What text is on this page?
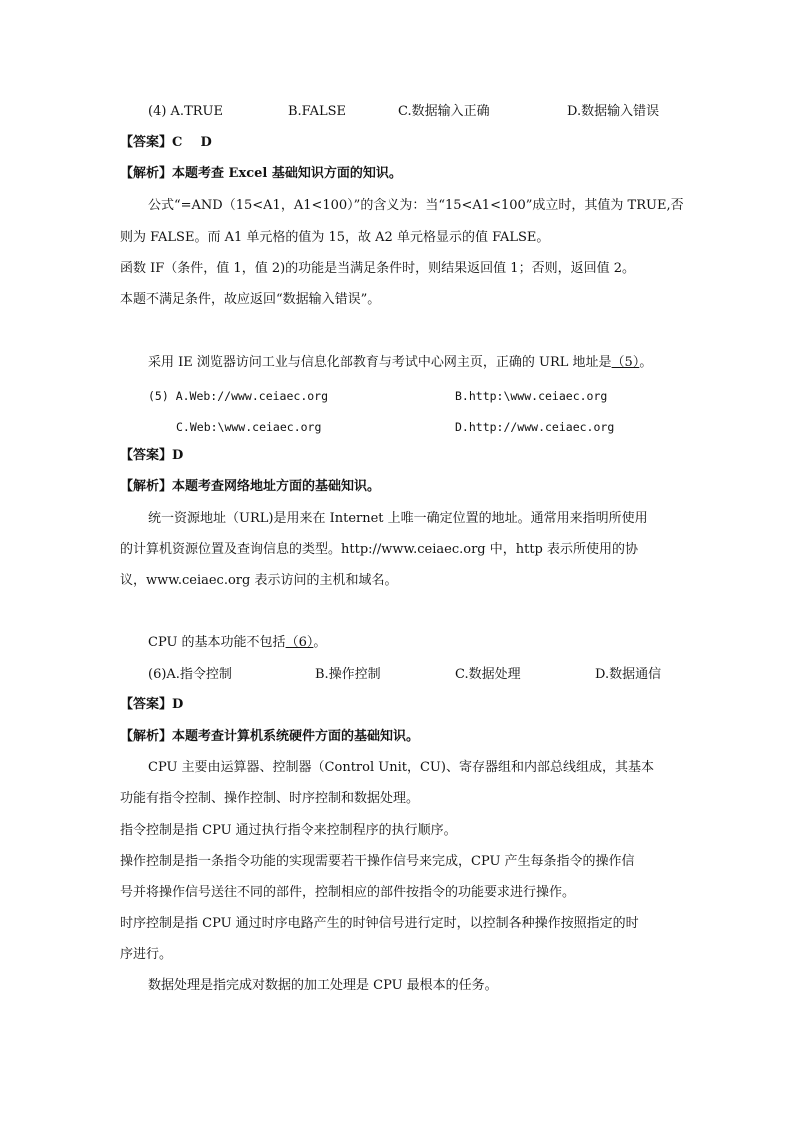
(4) A.TRUE	B.FALSE	C.数据输入正确	D.数据输入错误
【答案】C    D
【解析】本题考查 Excel 基础知识方面的知识。
公式“=AND（15<A1，A1<100）”的含义为：当“15<A1<100”成立时，其值为 TRUE,否
则为 FALSE。而 A1 单元格的值为 15，故 A2 单元格显示的值 FALSE。
函数 IF（条件，值 1，值 2)的功能是当满足条件时，则结果返回值 1；否则，返回值 2。
本题不满足条件，故应返回“数据输入错误”。
采用 IE 浏览器访问工业与信息化部教育与考试中心网主页，正确的 URL 地址是（5）。
(5) A.Web://www.ceiaec.org	B.http:\www.ceiaec.org
C.Web:\www.ceiaec.org	D.http://www.ceiaec.org
【答案】D
【解析】本题考查网络地址方面的基础知识。
统一资源地址（URL)是用来在 Internet 上唯一确定位置的地址。通常用来指明所使用
的计算机资源位置及查询信息的类型。http://www.ceiaec.org 中，http 表示所使用的协
议，www.ceiaec.org 表示访问的主机和域名。
CPU 的基本功能不包括（6）。
(6)A.指令控制	B.操作控制	C.数据处理	D.数据通信
【答案】D
【解析】本题考查计算机系统硬件方面的基础知识。
CPU 主要由运算器、控制器（Control Unit，CU)、寄存器组和内部总线组成，其基本
功能有指令控制、操作控制、时序控制和数据处理。
指令控制是指 CPU 通过执行指令来控制程序的执行顺序。
操作控制是指一条指令功能的实现需要若干操作信号来完成，CPU 产生每条指令的操作信
号并将操作信号送往不同的部件，控制相应的部件按指令的功能要求进行操作。
时序控制是指 CPU 通过时序电路产生的时钟信号进行定时，以控制各种操作按照指定的时
序进行。
数据处理是指完成对数据的加工处理是 CPU 最根本的任务。
